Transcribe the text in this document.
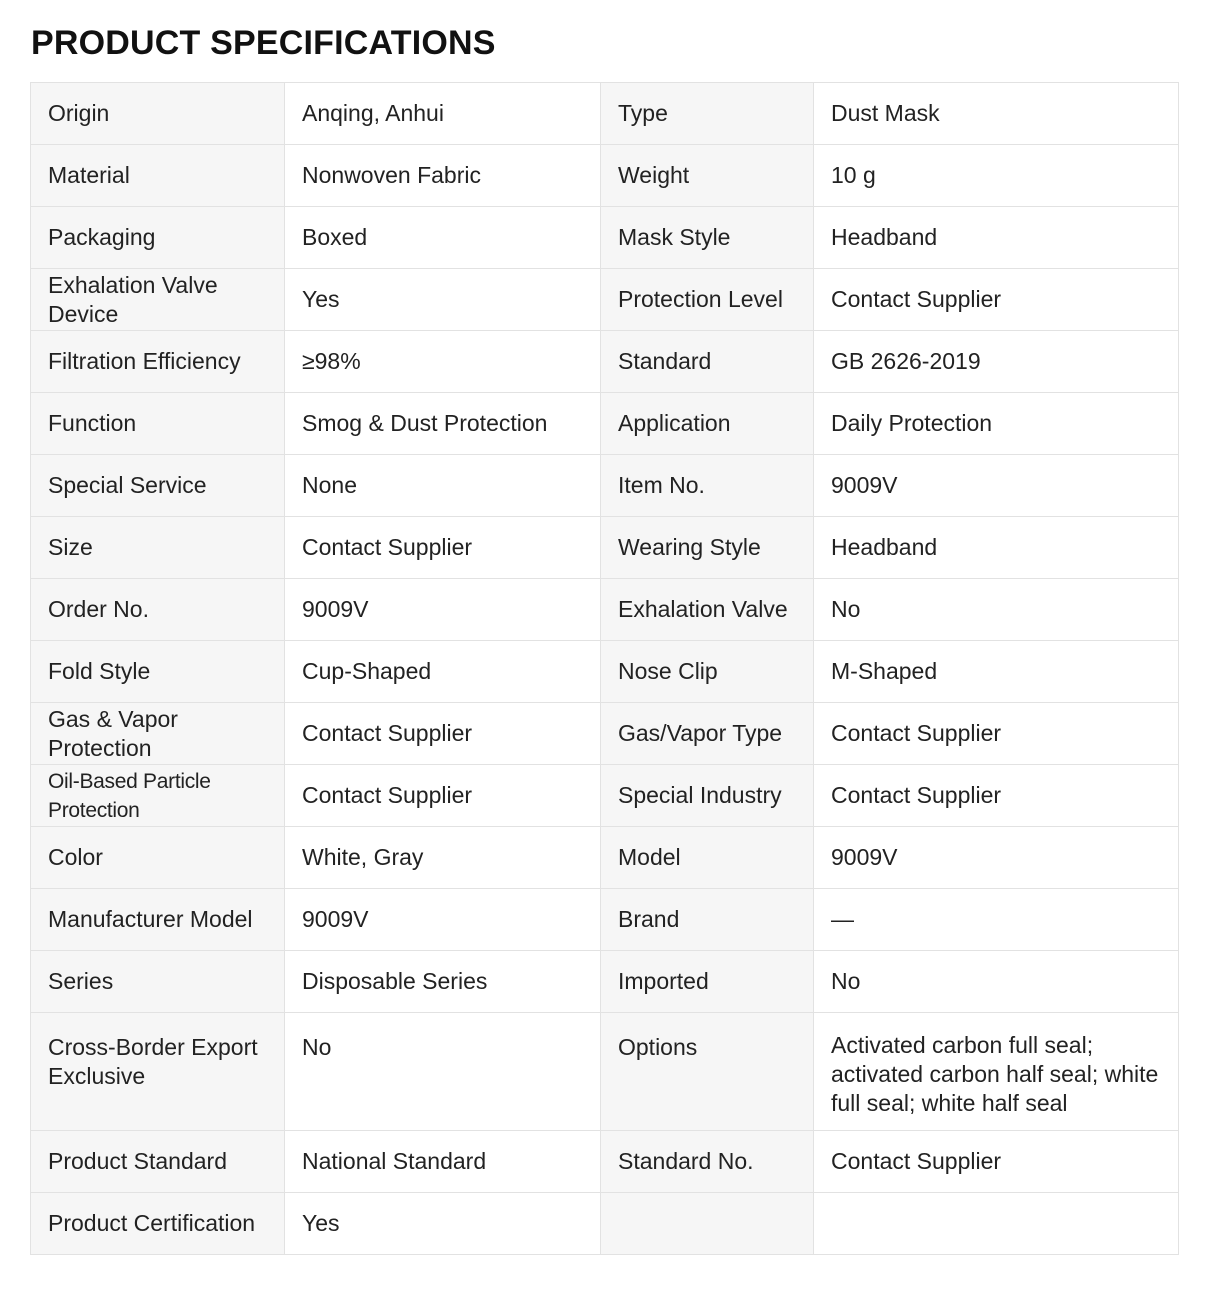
PRODUCT SPECIFICATIONS
Origin	Anqing, Anhui	Type	Dust Mask
Material	Nonwoven Fabric	Weight	10 g
Packaging	Boxed	Mask Style	Headband
Exhalation Valve Device	Yes	Protection Level	Contact Supplier
Filtration Efficiency	≥98%	Standard	GB 2626-2019
Function	Smog & Dust Protection	Application	Daily Protection
Special Service	None	Item No.	9009V
Size	Contact Supplier	Wearing Style	Headband
Order No.	9009V	Exhalation Valve	No
Fold Style	Cup-Shaped	Nose Clip	M-Shaped
Gas & Vapor Protection	Contact Supplier	Gas/Vapor Type	Contact Supplier
Oil-Based Particle Protection	Contact Supplier	Special Industry	Contact Supplier
Color	White, Gray	Model	9009V
Manufacturer Model	9009V	Brand	—
Series	Disposable Series	Imported	No
Cross-Border Export Exclusive	No	Options	Activated carbon full seal; activated carbon half seal; white full seal; white half seal
Product Standard	National Standard	Standard No.	Contact Supplier
Product Certification	Yes		
